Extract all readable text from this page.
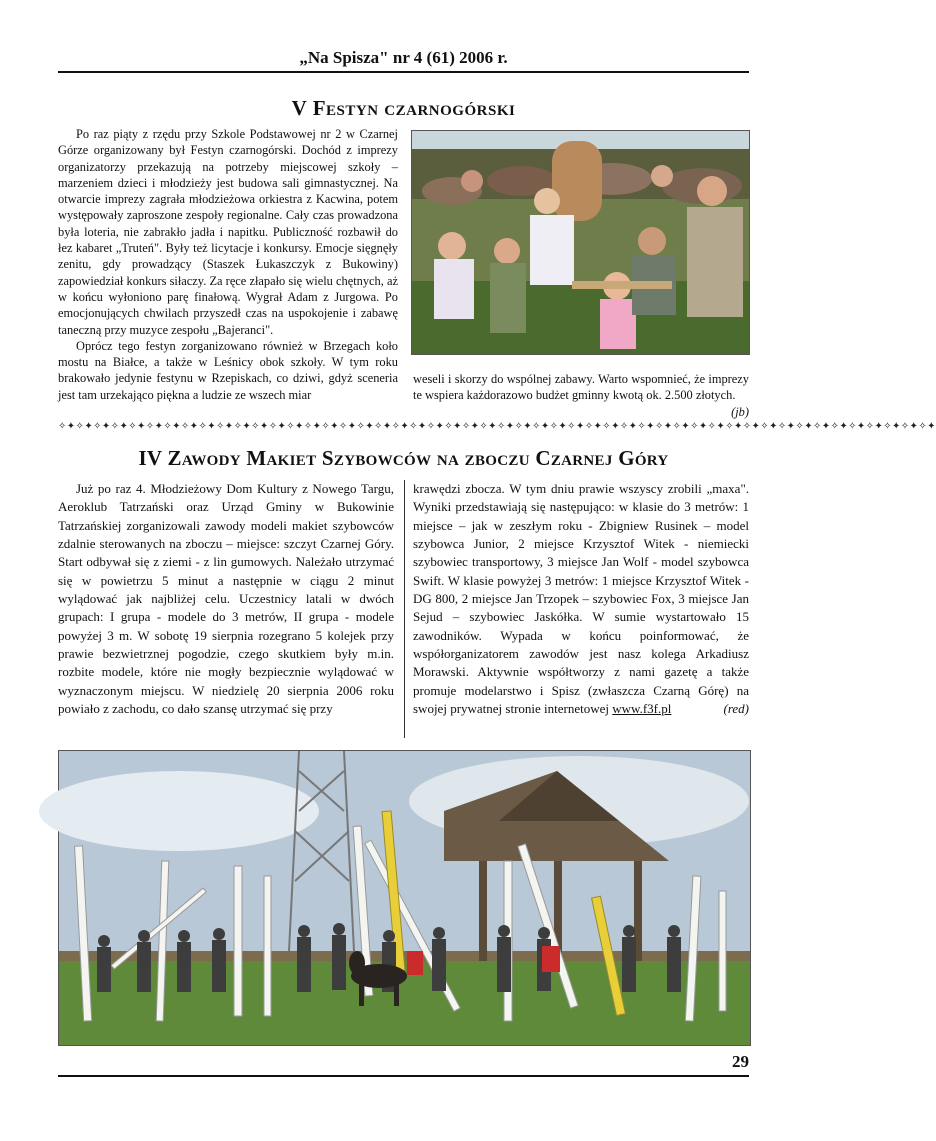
„Na Spisza" nr 4 (61) 2006 r.
V Festyn czarnogórski

Po raz piąty z rzędu przy Szkole Podstawowej nr 2 w Czarnej Górze organizowany był Festyn czarnogórski. Dochód z imprezy organizatorzy przekazują na potrzeby miejscowej szkoły – marzeniem dzieci i młodzieży jest budowa sali gimnastycznej. Na otwarcie imprezy zagrała młodzieżowa orkiestra z Kacwina, potem występowały zaproszone zespoły regionalne. Cały czas prowadzona była loteria, nie zabrakło jadła i napitku. Publiczność rozbawił do łez kabaret „Truteń". Były też licytacje i konkursy. Emocje sięgnęły zenitu, gdy prowadzący (Staszek Łukaszczyk z Bukowiny) zapowiedział konkurs siłaczy. Za ręce złapało się wielu chętnych, aż w końcu wyłoniono parę finałową. Wygrał Adam z Jurgowa. Po emocjonujących chwilach przyszedł czas na uspokojenie i zabawę taneczną przy muzyce zespołu „Bajeranci".

Oprócz tego festyn zorganizowano również w Brzegach koło mostu na Białce, a także w Leśnicy obok szkoły. W tym roku brakowało jedynie festynu w Rzepiskach, co dziwi, gdyż sceneria jest tam urzekająco piękna a ludzie ze wszech miar

weseli i skorzy do wspólnej zabawy. Warto wspomnieć, że imprezy te wspiera każdorazowo budżet gminny kwotą ok. 2.500 złotych.
(jb)

✧✦✧✦✧✦✧✦✧✦✧✦✧✦✧✦✧✦✧✦✧✦✧✦✧✦✧✦✧✦✧✦✧✦✧✦✧✦✧✦✧✦✧✦✧✦✧✦✧✦✧✦✧✦✧✦✧✦✧✦✧✦✧✦✧✦✧✦✧✦✧✦✧✦✧✦✧✦✧✦✧✦✧✦✧✦✧✦✧✦✧✦✧✦✧✦✧✦✧✦
IV Zawody Makiet Szybowców na zboczu Czarnej Góry

Już po raz 4. Młodzieżowy Dom Kultury z Nowego Targu, Aeroklub Tatrzański oraz Urząd Gminy w Bukowinie Tatrzańskiej zorganizowali zawody modeli makiet szybowców zdalnie sterowanych na zboczu – miejsce: szczyt Czarnej Góry. Start odbywał się z ziemi - z lin gumowych. Należało utrzymać się w powietrzu 5 minut a następnie w ciągu 2 minut wylądować jak najbliżej celu. Uczestnicy latali w dwóch grupach: I grupa - modele do 3 metrów, II grupa - modele powyżej 3 m. W sobotę 19 sierpnia rozegrano 5 kolejek przy prawie bezwietrznej pogodzie, czego skutkiem były m.in. rozbite modele, które nie mogły bezpiecznie wylądować w wyznaczonym miejscu. W niedzielę 20 sierpnia 2006 roku powiało z zachodu, co dało szansę utrzymać się przy

krawędzi zbocza. W tym dniu prawie wszyscy zrobili „maxa". Wyniki przedstawiają się następująco: w klasie do 3 metrów: 1 miejsce – jak w zeszłym roku - Zbigniew Rusinek – model szybowca Junior, 2 miejsce Krzysztof Witek - niemiecki szybowiec transportowy, 3 miejsce Jan Wolf - model szybowca Swift. W klasie powyżej 3 metrów: 1 miejsce Krzysztof Witek - DG 800, 2 miejsce Jan Trzopek – szybowiec Fox, 3 miejsce Jan Sejud – szybowiec Jaskółka. W sumie wystartowało 15 zawodników. Wypada w końcu poinformować, że współorganizatorem zawodów jest nasz kolega Arkadiusz Morawski. Aktywnie współtworzy z nami gazetę a także promuje modelarstwo i Spisz (zwłaszcza Czarną Górę) na swojej prywatnej stronie internetowej www.f3f.pl	(red)

29
